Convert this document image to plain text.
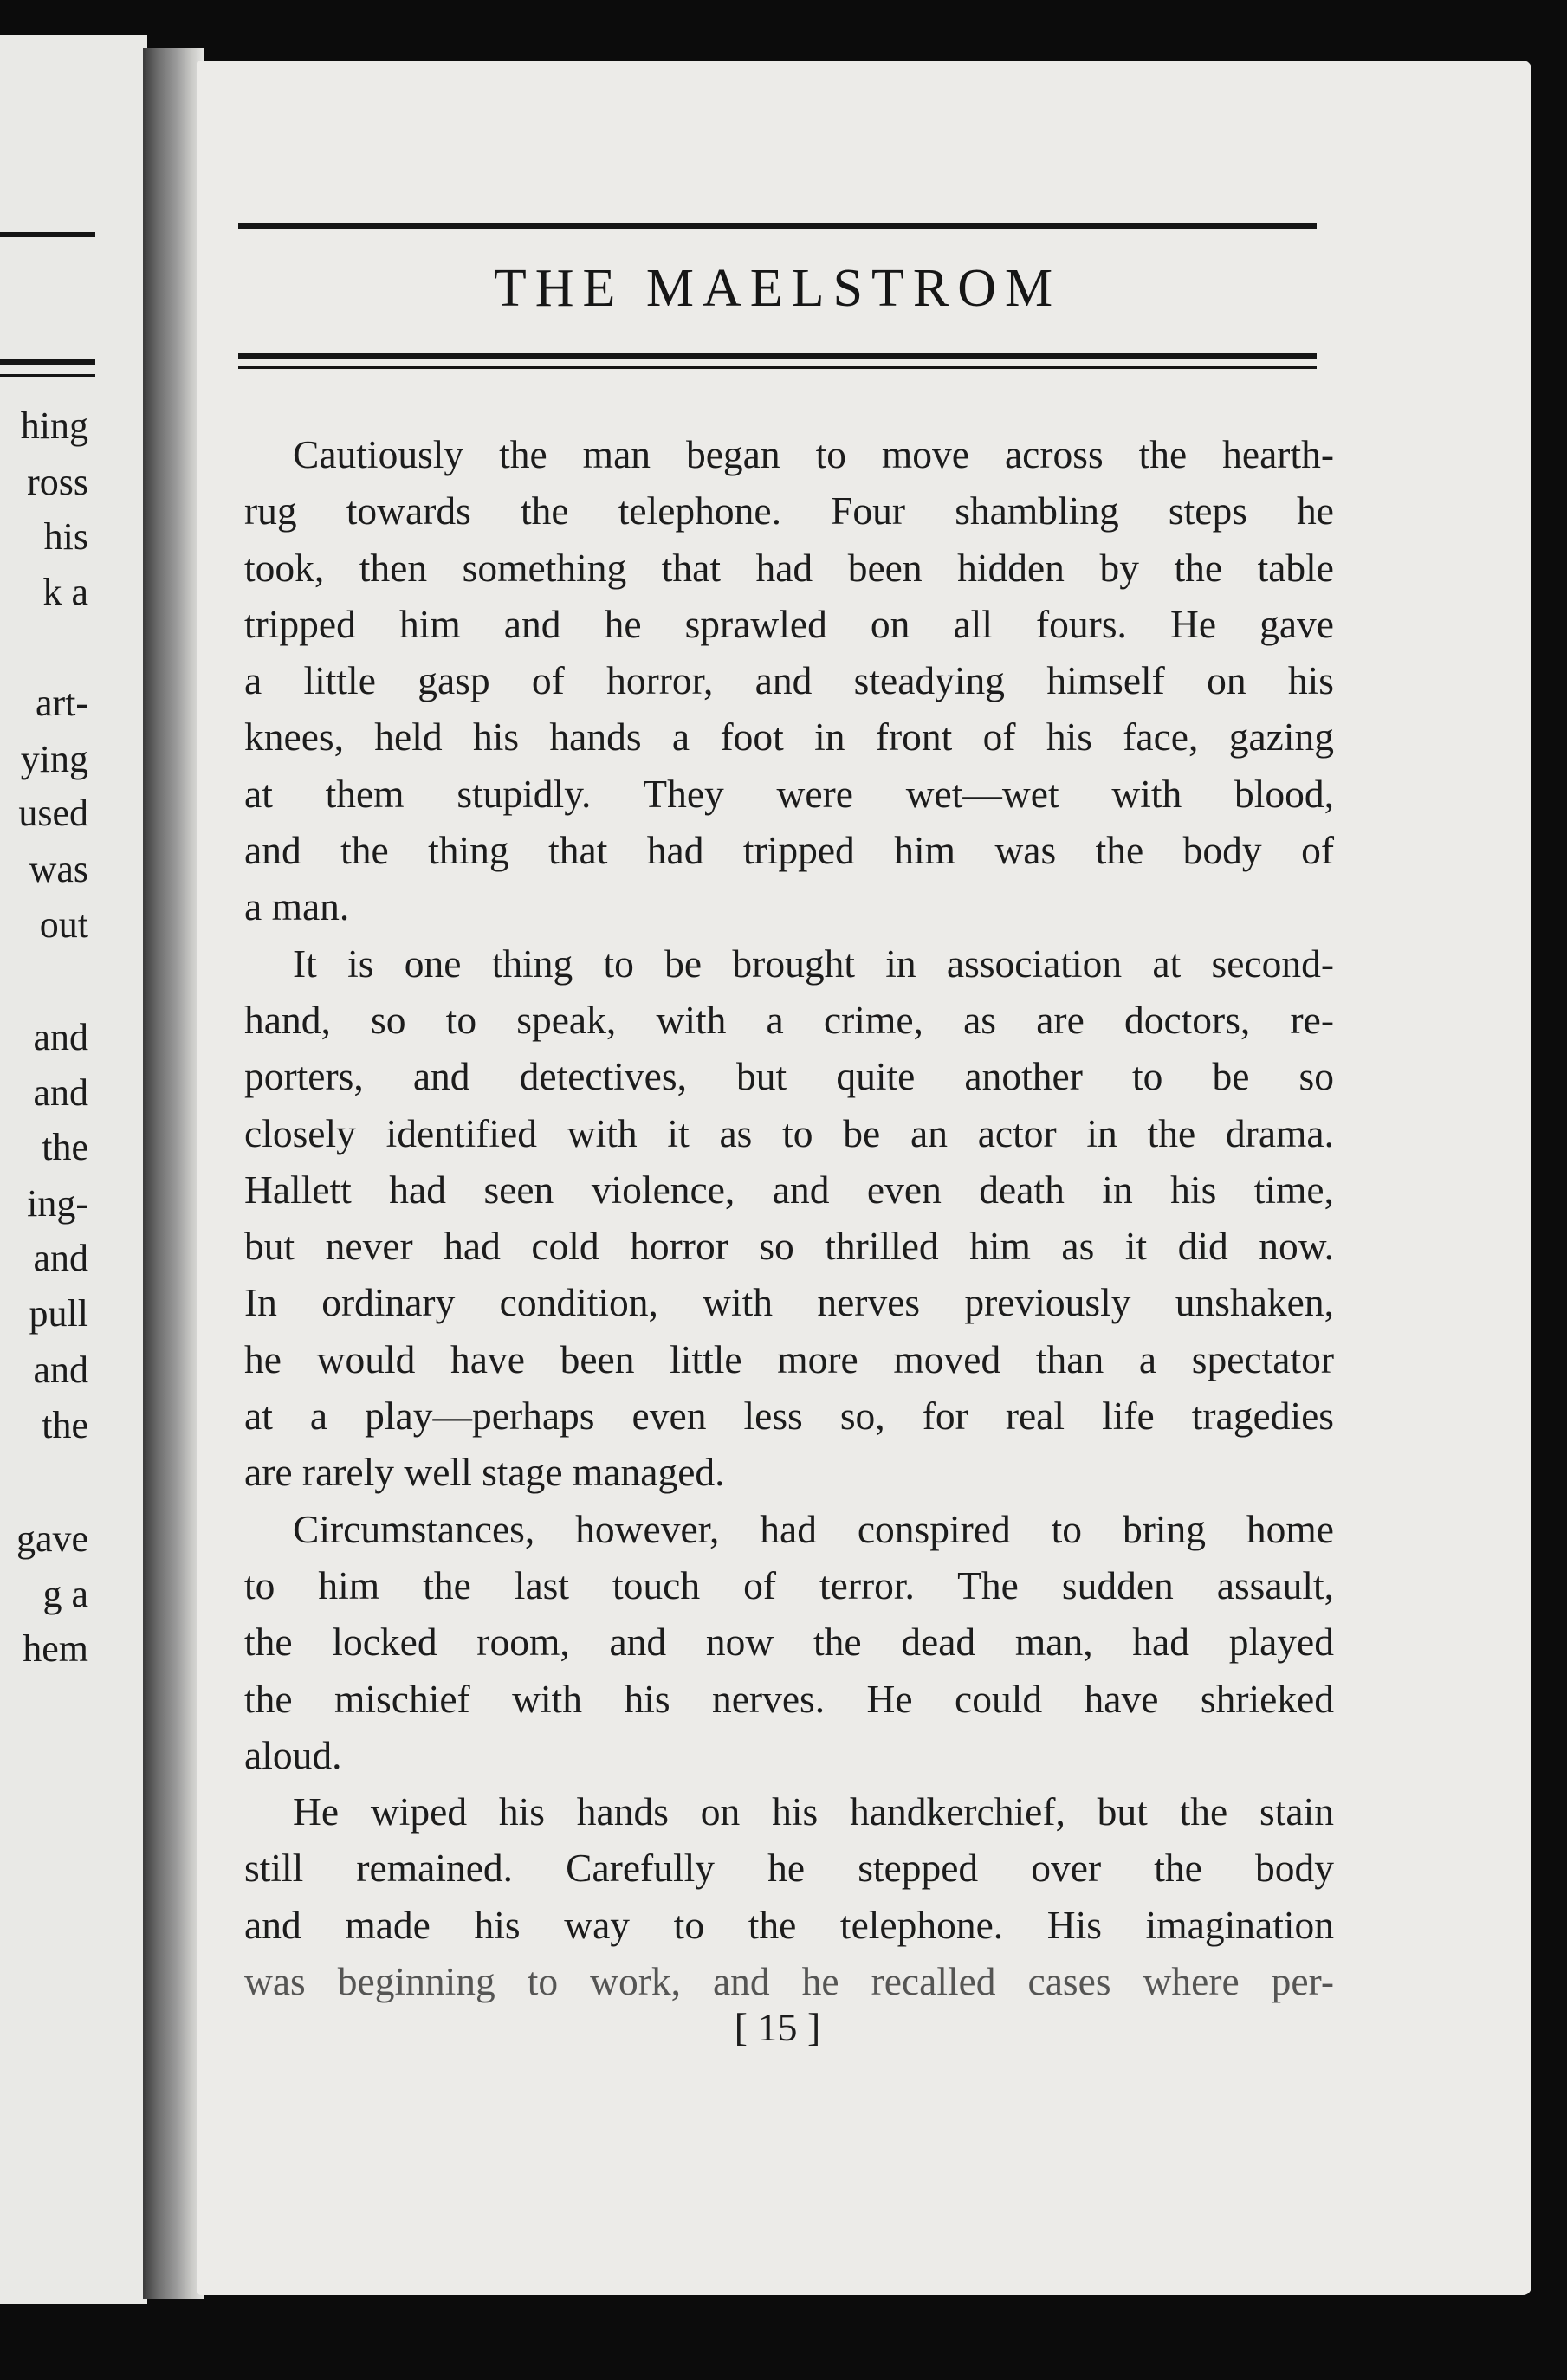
hing
ross
his
k a
art-
ying
used
was
out
and
and
the
ing-
and
pull
and
the
gave
g a
hem
THE MAELSTROM
Cautiously the man began to move across the hearth-
rug towards the telephone. Four shambling steps he
took, then something that had been hidden by the table
tripped him and he sprawled on all fours. He gave
a little gasp of horror, and steadying himself on his
knees, held his hands a foot in front of his face, gazing
at them stupidly. They were wet—wet with blood,
and the thing that had tripped him was the body of
a man.
It is one thing to be brought in association at second-
hand, so to speak, with a crime, as are doctors, re-
porters, and detectives, but quite another to be so
closely identified with it as to be an actor in the drama.
Hallett had seen violence, and even death in his time,
but never had cold horror so thrilled him as it did now.
In ordinary condition, with nerves previously unshaken,
he would have been little more moved than a spectator
at a play—perhaps even less so, for real life tragedies
are rarely well stage managed.
Circumstances, however, had conspired to bring home
to him the last touch of terror. The sudden assault,
the locked room, and now the dead man, had played
the mischief with his nerves. He could have shrieked
aloud.
He wiped his hands on his handkerchief, but the stain
still remained. Carefully he stepped over the body
and made his way to the telephone. His imagination
was beginning to work, and he recalled cases where per-
[ 15 ]
